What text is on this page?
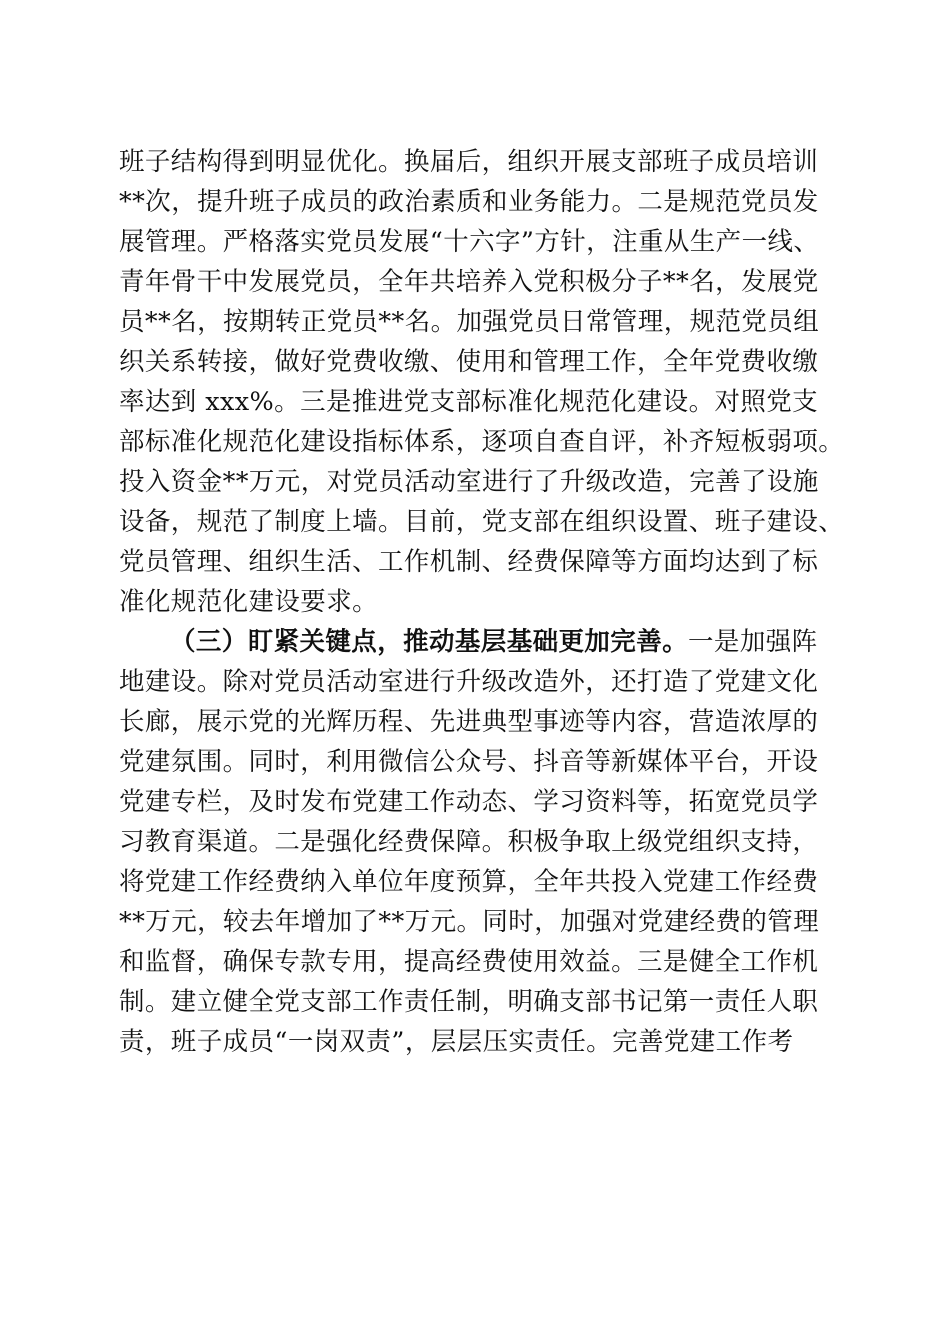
班子结构得到明显优化。换届后，组织开展支部班子成员培训
**次，提升班子成员的政治素质和业务能力。二是规范党员发
展管理。严格落实党员发展“十六字”方针，注重从生产一线、
青年骨干中发展党员，全年共培养入党积极分子**名，发展党
员**名，按期转正党员**名。加强党员日常管理，规范党员组
织关系转接，做好党费收缴、使用和管理工作，全年党费收缴
率达到 xxx%。三是推进党支部标准化规范化建设。对照党支
部标准化规范化建设指标体系，逐项自查自评，补齐短板弱项。
投入资金**万元，对党员活动室进行了升级改造，完善了设施
设备，规范了制度上墙。目前，党支部在组织设置、班子建设、
党员管理、组织生活、工作机制、经费保障等方面均达到了标
准化规范化建设要求。
（三）盯紧关键点，推动基层基础更加完善。一是加强阵
地建设。除对党员活动室进行升级改造外，还打造了党建文化
长廊，展示党的光辉历程、先进典型事迹等内容，营造浓厚的
党建氛围。同时，利用微信公众号、抖音等新媒体平台，开设
党建专栏，及时发布党建工作动态、学习资料等，拓宽党员学
习教育渠道。二是强化经费保障。积极争取上级党组织支持，
将党建工作经费纳入单位年度预算，全年共投入党建工作经费
**万元，较去年增加了**万元。同时，加强对党建经费的管理
和监督，确保专款专用，提高经费使用效益。三是健全工作机
制。建立健全党支部工作责任制，明确支部书记第一责任人职
责，班子成员“一岗双责”，层层压实责任。完善党建工作考
